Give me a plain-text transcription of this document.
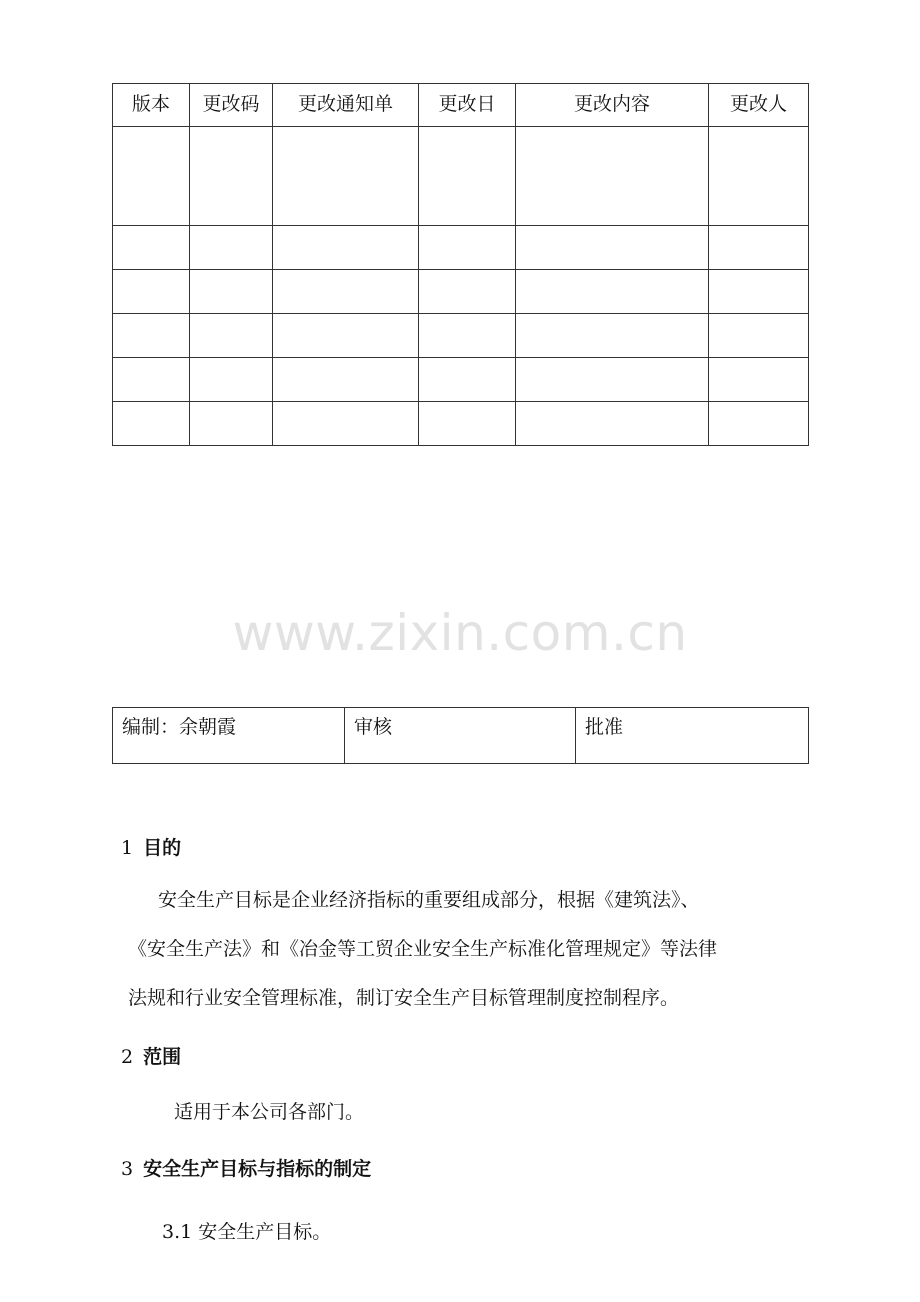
版本	更改码	更改通知单	更改日	更改内容	更改人

www.zixin.com.cn
编制：余朝霞	审核	批准
1 目的
安全生产目标是企业经济指标的重要组成部分，根据《建筑法》、
《安全生产法》和《冶金等工贸企业安全生产标准化管理规定》等法律
法规和行业安全管理标准，制订安全生产目标管理制度控制程序。
2 范围
适用于本公司各部门。
3 安全生产目标与指标的制定
3.1 安全生产目标。
